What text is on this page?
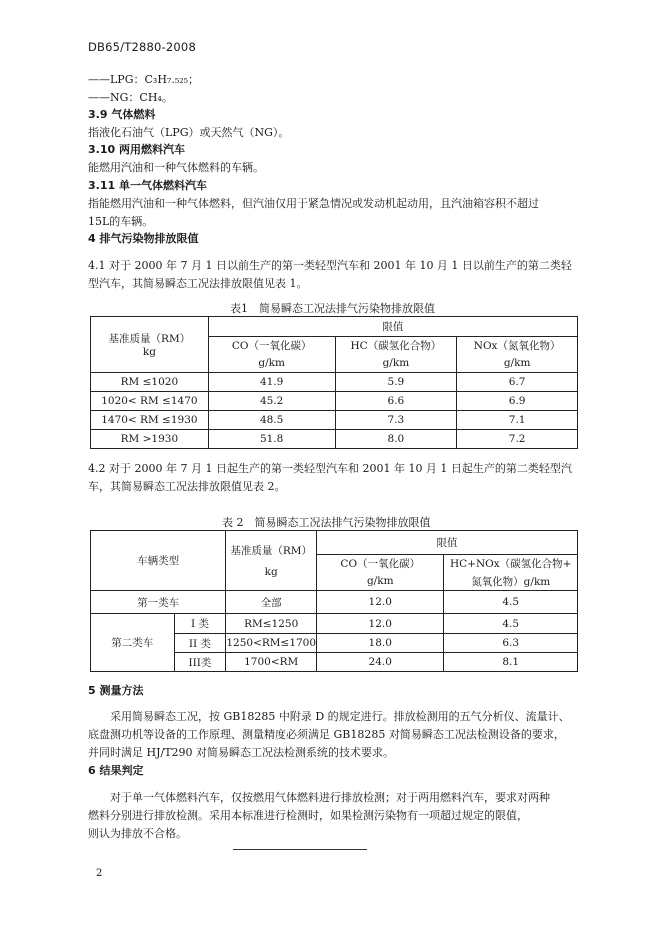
DB65/T2880-2008
——LPG：C₃H₇.₅₂₅；
——NG：CH₄。
3.9 气体燃料
指液化石油气（LPG）或天然气（NG）。
3.10 两用燃料汽车
能燃用汽油和一种气体燃料的车辆。
3.11 单一气体燃料汽车
指能燃用汽油和一种气体燃料，但汽油仅用于紧急情况或发动机起动用，且汽油箱容积不超过
15L的车辆。
4 排气污染物排放限值
4.1 对于 2000 年 7 月 1 日以前生产的第一类轻型汽车和 2001 年 10 月 1 日以前生产的第二类轻
型汽车，其简易瞬态工况法排放限值见表 1。
表1　简易瞬态工况法排气污染物排放限值
基准质量（RM）
kg	限值		
	CO（一氧化碳）	HC（碳氢化合物）	NOx（氮氧化物）
	g/km	g/km	g/km
RM ≤1020	41.9	5.9	6.7
1020< RM ≤1470	45.2	6.6	6.9
1470< RM ≤1930	48.5	7.3	7.1
RM >1930	51.8	8.0	7.2
4.2 对于 2000 年 7 月 1 日起生产的第一类轻型汽车和 2001 年 10 月 1 日起生产的第二类轻型汽
车，其简易瞬态工况法排放限值见表 2。
表 2　简易瞬态工况法排气污染物排放限值
车辆类型		基准质量（RM）
kg	限值	
			CO（一氧化碳）	HC+NOx（碳氢化合物+
			g/km	氮氧化物）g/km
第一类车		全部	12.0	4.5
第二类车	I 类	RM≤1250	12.0	4.5
	II 类	1250<RM≤1700	18.0	6.3
	III类	1700<RM	24.0	8.1
5 测量方法
采用简易瞬态工况，按 GB18285 中附录 D 的规定进行。排放检测用的五气分析仪、流量计、
底盘测功机等设备的工作原理、测量精度必须满足 GB18285 对简易瞬态工况法检测设备的要求，
并同时满足 HJ/T290 对简易瞬态工况法检测系统的技术要求。
6 结果判定
对于单一气体燃料汽车，仅按燃用气体燃料进行排放检测；对于两用燃料汽车，要求对两种
燃料分别进行排放检测。采用本标准进行检测时，如果检测污染物有一项超过规定的限值，
则认为排放不合格。
2
